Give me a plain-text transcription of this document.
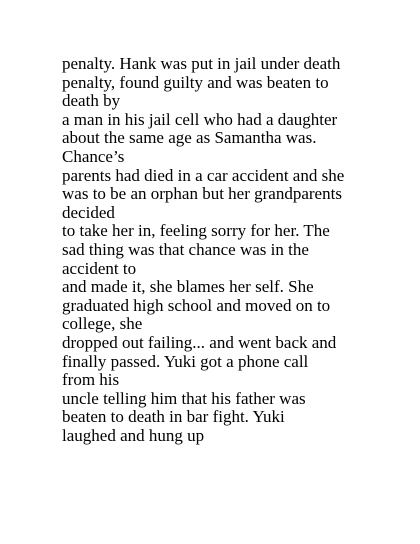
penalty. Hank was put in jail under death
penalty, found guilty and was beaten to
death by
a man in his jail cell who had a daughter
about the same age as Samantha was.
Chance’s
parents had died in a car accident and she
was to be an orphan but her grandparents
decided
to take her in, feeling sorry for her. The
sad thing was that chance was in the
accident to
and made it, she blames her self. She
graduated high school and moved on to
college, she
dropped out failing... and went back and
finally passed. Yuki got a phone call
from his
uncle telling him that his father was
beaten to death in bar fight. Yuki
laughed and hung up
